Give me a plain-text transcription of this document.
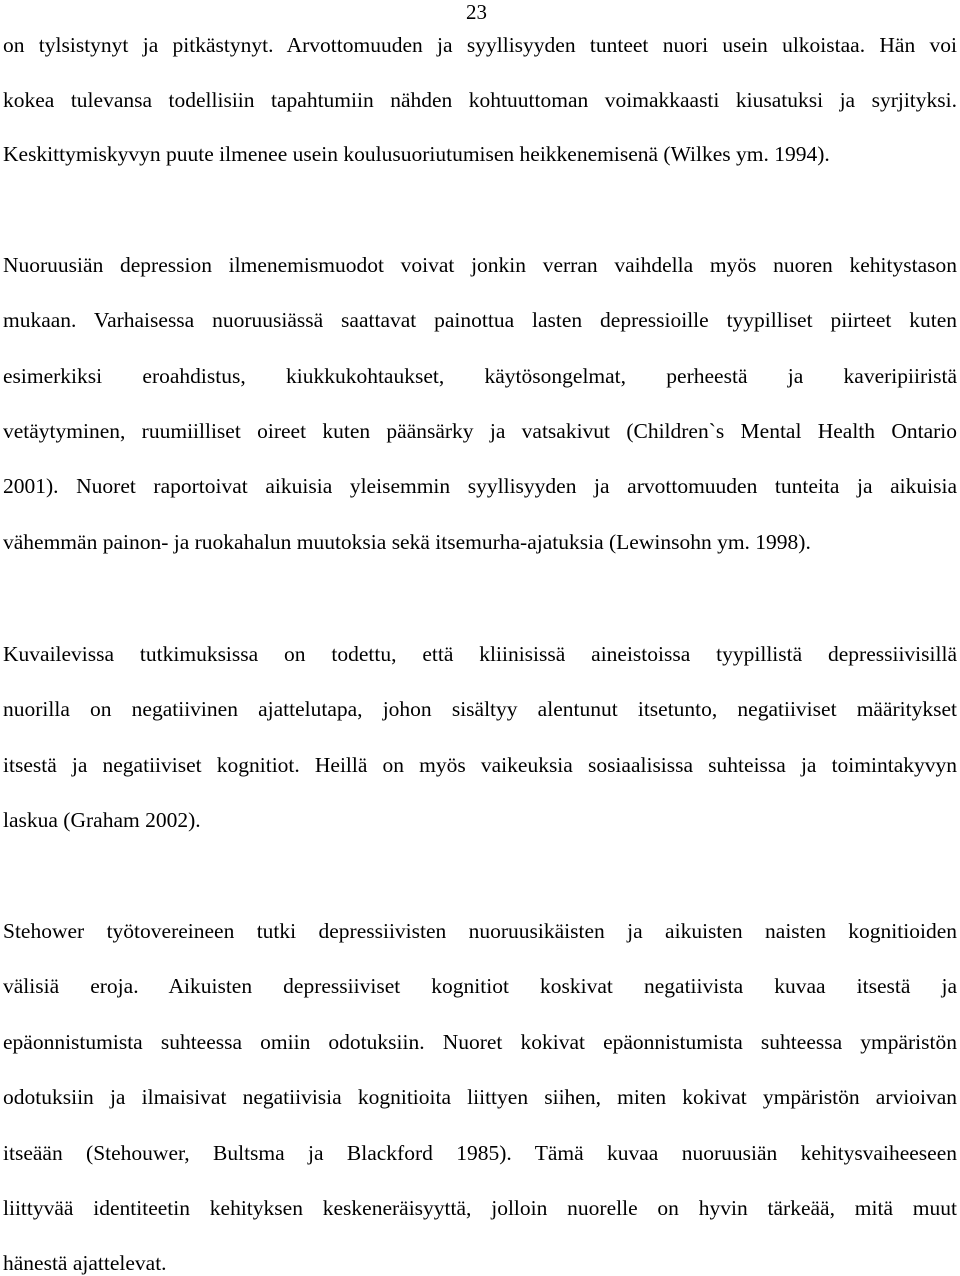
23
on tylsistynyt ja pitkästynyt. Arvottomuuden ja syyllisyyden tunteet nuori usein ulkoistaa. Hän voi
kokea tulevansa todellisiin tapahtumiin nähden kohtuuttoman voimakkaasti kiusatuksi ja syrjityksi.
Keskittymiskyvyn puute ilmenee usein koulusuoriutumisen heikkenemisenä (Wilkes ym. 1994).
Nuoruusiän depression ilmenemismuodot voivat jonkin verran vaihdella myös nuoren kehitystason
mukaan. Varhaisessa nuoruusiässä saattavat painottua lasten depressioille tyypilliset piirteet kuten
esimerkiksi eroahdistus, kiukkukohtaukset, käytösongelmat, perheestä ja kaveripiiristä
vetäytyminen, ruumiilliset oireet kuten päänsärky ja vatsakivut (Children`s Mental Health Ontario
2001). Nuoret raportoivat aikuisia yleisemmin syyllisyyden ja arvottomuuden tunteita ja aikuisia
vähemmän painon- ja ruokahalun muutoksia sekä itsemurha-ajatuksia (Lewinsohn ym. 1998).
Kuvailevissa tutkimuksissa on todettu, että kliinisissä aineistoissa tyypillistä depressiivisillä
nuorilla on negatiivinen ajattelutapa, johon sisältyy alentunut itsetunto, negatiiviset määritykset
itsestä ja negatiiviset kognitiot. Heillä on myös vaikeuksia sosiaalisissa suhteissa ja toimintakyvyn
laskua (Graham 2002).
Stehower työtovereineen tutki depressiivisten nuoruusikäisten ja aikuisten naisten kognitioiden
välisiä eroja. Aikuisten depressiiviset kognitiot koskivat negatiivista kuvaa itsestä ja
epäonnistumista suhteessa omiin odotuksiin. Nuoret kokivat epäonnistumista suhteessa ympäristön
odotuksiin ja ilmaisivat negatiivisia kognitioita liittyen siihen, miten kokivat ympäristön arvioivan
itseään (Stehouwer, Bultsma ja Blackford 1985). Tämä kuvaa nuoruusiän kehitysvaiheeseen
liittyvää identiteetin kehityksen keskeneräisyyttä, jolloin nuorelle on hyvin tärkeää, mitä muut
hänestä ajattelevat.
